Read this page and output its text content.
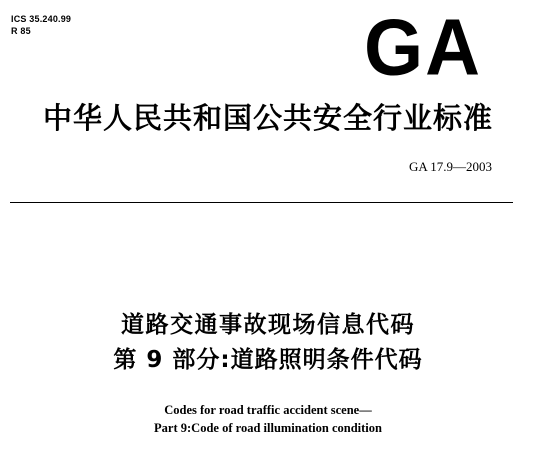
ICS 35.240.99
R 85	GA
中华人民共和国公共安全行业标准
GA 17.9—2003
道路交通事故现场信息代码
第 9 部分:道路照明条件代码
Codes for road traffic accident scene—
Part 9:Code of road illumination condition
